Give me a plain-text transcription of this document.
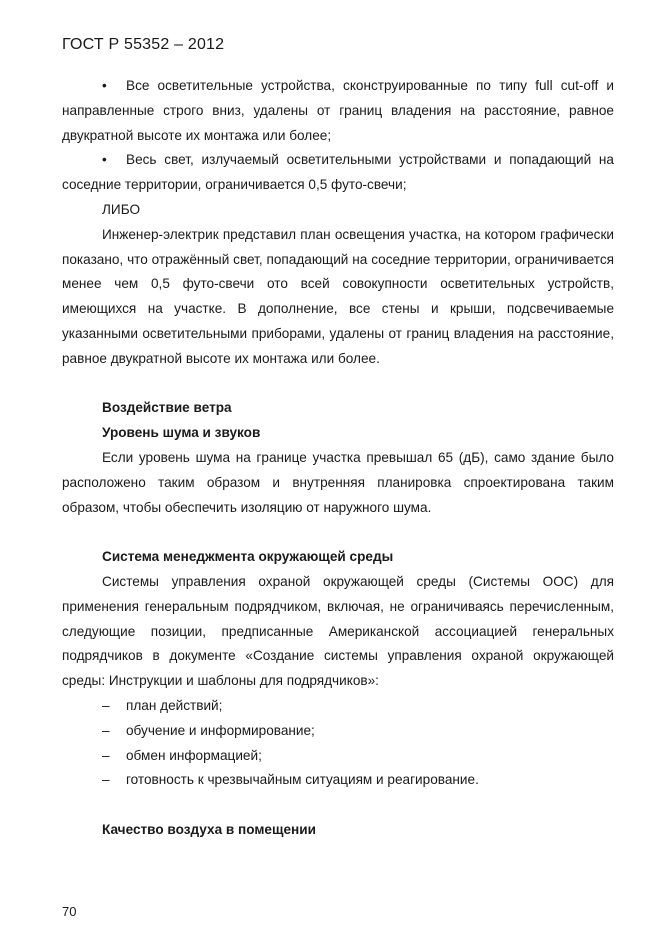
ГОСТ Р 55352 – 2012

• Все осветительные устройства, сконструированные по типу full cut-off и направленные строго вниз, удалены от границ владения на расстояние, равное двукратной высоте их монтажа или более;

• Весь свет, излучаемый осветительными устройствами и попадающий на соседние территории, ограничивается 0,5 футо-свечи;

ЛИБО

Инженер-электрик представил план освещения участка, на котором графически показано, что отражённый свет, попадающий на соседние территории, ограничивается менее чем 0,5 футо-свечи ото всей совокупности осветительных устройств, имеющихся на участке. В дополнение, все стены и крыши, подсвечиваемые указанными осветительными приборами, удалены от границ владения на расстояние, равное двукратной высоте их монтажа или более.

Воздействие ветра

Уровень шума и звуков

Если уровень шума на границе участка превышал 65 (дБ), само здание было расположено таким образом и внутренняя планировка спроектирована таким образом, чтобы обеспечить изоляцию от наружного шума.

Система менеджмента окружающей среды

Системы управления охраной окружающей среды (Системы ООС) для применения генеральным подрядчиком, включая, не ограничиваясь перечисленным, следующие позиции, предписанные Американской ассоциацией генеральных подрядчиков в документе «Создание системы управления охраной окружающей среды: Инструкции и шаблоны для подрядчиков»:

– план действий;

– обучение и информирование;

– обмен информацией;

– готовность к чрезвычайным ситуациям и реагирование.

Качество воздуха в помещении

70
